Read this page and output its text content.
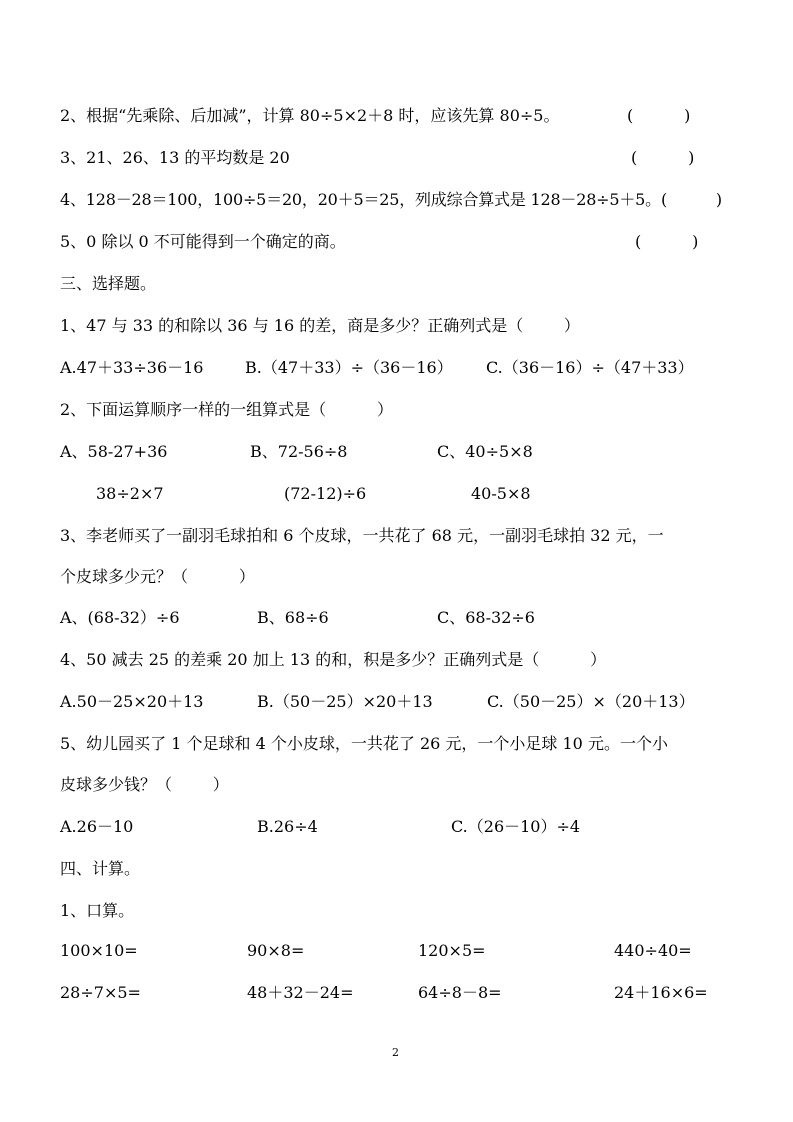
2、根据“先乘除、后加减”，计算 80÷5×2＋8 时，应该先算 80÷5。	(          )
3、21、26、13 的平均数是 20	(          )
4、128－28＝100，100÷5＝20，20＋5＝25，列成综合算式是 128－28÷5＋5。(          )
5、0 除以 0 不可能得到一个确定的商。	(          )
三、选择题。
1、47 与 33 的和除以 36 与 16 的差，商是多少？正确列式是（        ）
A.47＋33÷36－16	B.（47＋33）÷（36－16） C.（36－16）÷（47＋33）
2、下面运算顺序一样的一组算式是（          ）
A、58-27+36	B、72-56÷8	C、40÷5×8
38÷2×7	(72-12)÷6	40-5×8
3、李老师买了一副羽毛球拍和 6 个皮球，一共花了 68 元，一副羽毛球拍 32 元，一
个皮球多少元？（          ）
A、(68-32）÷6	B、68÷6	C、68-32÷6
4、50 减去 25 的差乘 20 加上 13 的和，积是多少？正确列式是（          ）
A.50－25×20＋13	B.（50－25）×20＋13	C.（50－25）×（20＋13）
5、幼儿园买了 1 个足球和 4 个小皮球，一共花了 26 元，一个小足球 10 元。一个小
皮球多少钱？（        ）
A.26－10	B.26÷4	C.（26－10）÷4
四、计算。
1、口算。
100×10=	90×8=	120×5=	440÷40=
28÷7×5=	48＋32－24=	64÷8－8=	24＋16×6=
2
